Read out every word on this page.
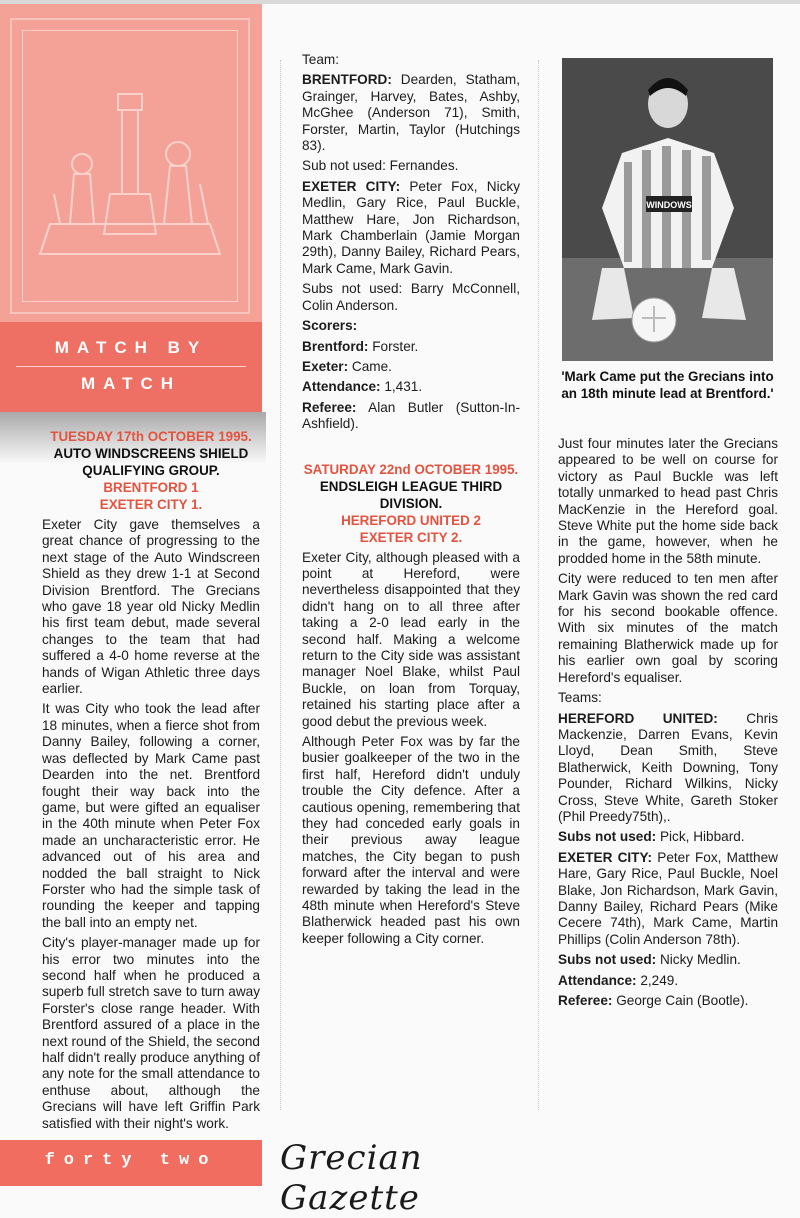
MATCH BY
MATCH
TUESDAY 17th OCTOBER 1995.
AUTO WINDSCREENS SHIELD QUALIFYING GROUP.
BRENTFORD 1
EXETER CITY 1.

Exeter City gave themselves a great chance of progressing to the next stage of the Auto Windscreen Shield as they drew 1-1 at Second Division Brentford. The Grecians who gave 18 year old Nicky Medlin his first team debut, made several changes to the team that had suffered a 4-0 home reverse at the hands of Wigan Athletic three days earlier.

It was City who took the lead after 18 minutes, when a fierce shot from Danny Bailey, following a corner, was deflected by Mark Came past Dearden into the net. Brentford fought their way back into the game, but were gifted an equaliser in the 40th minute when Peter Fox made an uncharacteristic error. He advanced out of his area and nodded the ball straight to Nick Forster who had the simple task of rounding the keeper and tapping the ball into an empty net.

City's player-manager made up for his error two minutes into the second half when he produced a superb full stretch save to turn away Forster's close range header. With Brentford assured of a place in the next round of the Shield, the second half didn't really produce anything of any note for the small attendance to enthuse about, although the Grecians will have left Griffin Park satisfied with their night's work.

Team:

BRENTFORD: Dearden, Statham, Grainger, Harvey, Bates, Ashby, McGhee (Anderson 71), Smith, Forster, Martin, Taylor (Hutchings 83).

Sub not used: Fernandes.

EXETER CITY: Peter Fox, Nicky Medlin, Gary Rice, Paul Buckle, Matthew Hare, Jon Richardson, Mark Chamberlain (Jamie Morgan 29th), Danny Bailey, Richard Pears, Mark Came, Mark Gavin.

Subs not used: Barry McConnell, Colin Anderson.

Scorers:

Brentford: Forster.

Exeter: Came.

Attendance: 1,431.

Referee: Alan Butler (Sutton-In-Ashfield).

SATURDAY 22nd OCTOBER 1995.
ENDSLEIGH LEAGUE THIRD DIVISION.
HEREFORD UNITED 2
EXETER CITY 2.

Exeter City, although pleased with a point at Hereford, were nevertheless disappointed that they didn't hang on to all three after taking a 2-0 lead early in the second half. Making a welcome return to the City side was assistant manager Noel Blake, whilst Paul Buckle, on loan from Torquay, retained his starting place after a good debut the previous week.

Although Peter Fox was by far the busier goalkeeper of the two in the first half, Hereford didn't unduly trouble the City defence. After a cautious opening, remembering that they had conceded early goals in their previous away league matches, the City began to push forward after the interval and were rewarded by taking the lead in the 48th minute when Hereford's Steve Blatherwick headed past his own keeper following a City corner.

WINDOWS
'Mark Came put the Grecians into an 18th minute lead at Brentford.'

Just four minutes later the Grecians appeared to be well on course for victory as Paul Buckle was left totally unmarked to head past Chris MacKenzie in the Hereford goal. Steve White put the home side back in the game, however, when he prodded home in the 58th minute.

City were reduced to ten men after Mark Gavin was shown the red card for his second bookable offence. With six minutes of the match remaining Blatherwick made up for his earlier own goal by scoring Hereford's equaliser.

Teams:

HEREFORD UNITED: Chris Mackenzie, Darren Evans, Kevin Lloyd, Dean Smith, Steve Blatherwick, Keith Downing, Tony Pounder, Richard Wilkins, Nicky Cross, Steve White, Gareth Stoker (Phil Preedy75th),.

Subs not used: Pick, Hibbard.

EXETER CITY: Peter Fox, Matthew Hare, Gary Rice, Paul Buckle, Noel Blake, Jon Richardson, Mark Gavin, Danny Bailey, Richard Pears (Mike Cecere 74th), Mark Came, Martin Phillips (Colin Anderson 78th).

Subs not used: Nicky Medlin.

Attendance: 2,249.

Referee: George Cain (Bootle).

forty two	Grecian Gazette
